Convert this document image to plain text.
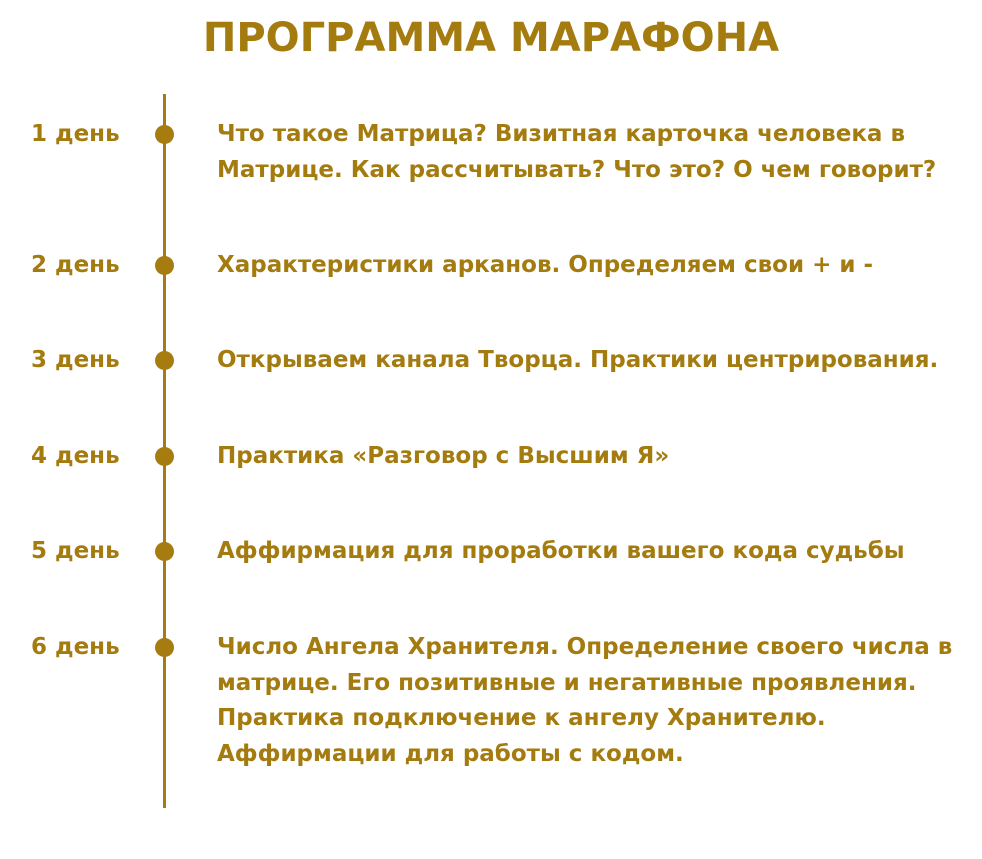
ПРОГРАММА МАРАФОНА
1 день	Что такое Матрица? Визитная карточка человека в Матрице. Как рассчитывать? Что это? О чем говорит?

2 день	Характеристики арканов. Определяем свои + и -

3 день	Открываем канала Творца. Практики центрирования.

4 день	Практика «Разговор с Высшим Я»

5 день	Аффирмация для проработки вашего кода судьбы

6 день	Число Ангела Хранителя. Определение своего числа в матрице. Его позитивные и негативные проявления. Практика подключение к ангелу Хранителю. Аффирмации для работы с кодом.
